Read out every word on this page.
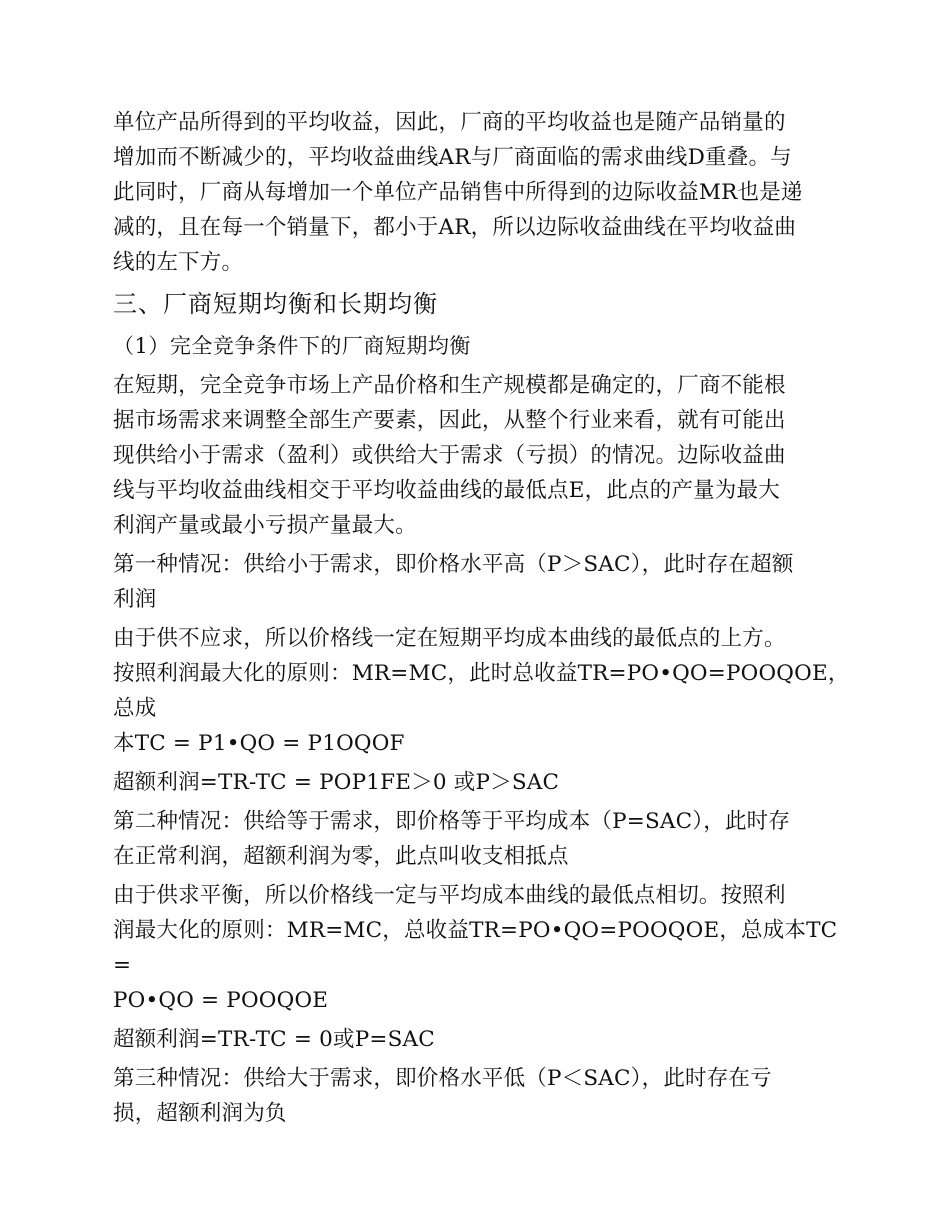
单位产品所得到的平均收益，因此，厂商的平均收益也是随产品销量的
增加而不断减少的，平均收益曲线AR与厂商面临的需求曲线D重叠。与
此同时，厂商从每增加一个单位产品销售中所得到的边际收益MR也是递
减的，且在每一个销量下，都小于AR，所以边际收益曲线在平均收益曲
线的左下方。
三、厂商短期均衡和长期均衡
（1）完全竞争条件下的厂商短期均衡
在短期，完全竞争市场上产品价格和生产规模都是确定的，厂商不能根
据市场需求来调整全部生产要素，因此，从整个行业来看，就有可能出
现供给小于需求（盈利）或供给大于需求（亏损）的情况。边际收益曲
线与平均收益曲线相交于平均收益曲线的最低点E，此点的产量为最大
利润产量或最小亏损产量最大。
第一种情况：供给小于需求，即价格水平高（P＞SAC），此时存在超额
利润
由于供不应求，所以价格线一定在短期平均成本曲线的最低点的上方。
按照利润最大化的原则：MR=MC，此时总收益TR=PO•QO=POOQOE，总成
本TC = P1•QO = P1OQOF
超额利润=TR-TC = POP1FE＞0 或P＞SAC
第二种情况：供给等于需求，即价格等于平均成本（P=SAC），此时存
在正常利润，超额利润为零，此点叫收支相抵点
由于供求平衡，所以价格线一定与平均成本曲线的最低点相切。按照利
润最大化的原则：MR=MC，总收益TR=PO•QO=POOQOE，总成本TC =
PO•QO = POOQOE
超额利润=TR-TC = 0或P=SAC
第三种情况：供给大于需求，即价格水平低（P＜SAC），此时存在亏
损，超额利润为负
